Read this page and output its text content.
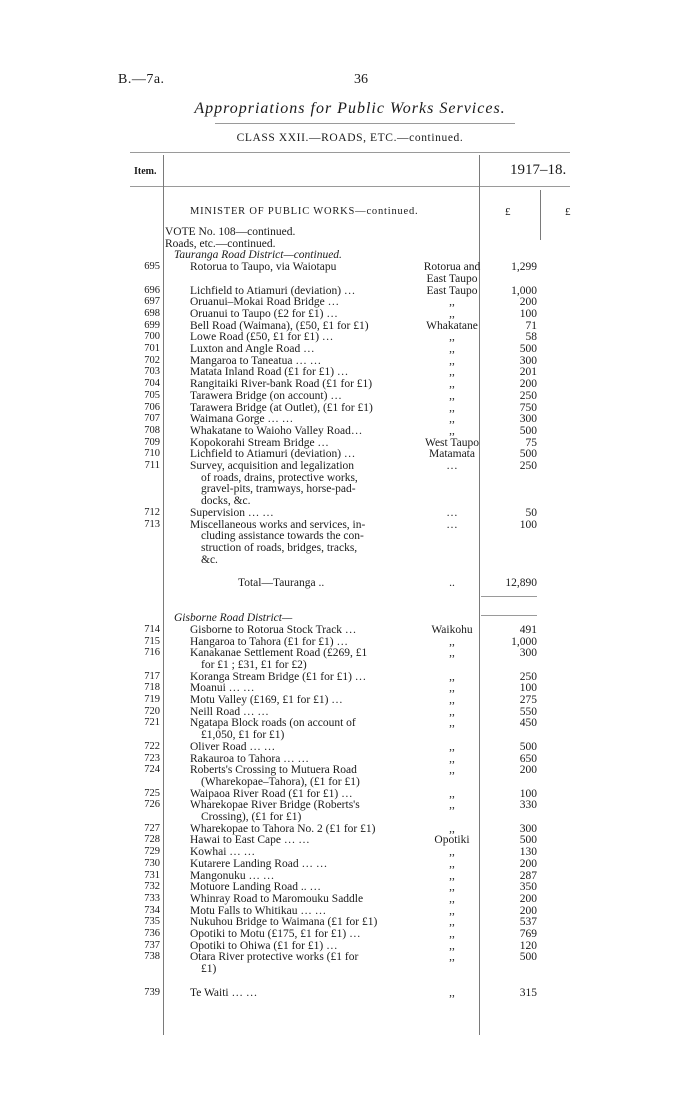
B.—7a.	36
Appropriations for Public Works Services.
CLASS XXII.—ROADS, ETC.—continued.
Item.	1917–18.
MINISTER OF PUBLIC WORKS—continued.	£	£
VOTE No. 108—continued.
Roads, etc.—continued.
Tauranga Road District—continued.
695	Rotorua to Taupo, via Waiotapu	Rotorua and	1,299
East Taupo
696	Lichfield to Atiamuri (deviation) …	East Taupo	1,000
697	Oruanui–Mokai Road Bridge …	,,	200
698	Oruanui to Taupo (£2 for £1) …	,,	100
699	Bell Road (Waimana), (£50, £1 for £1)	Whakatane	71
700	Lowe Road (£50, £1 for £1) …	,,	58
701	Luxton and Angle Road …	,,	500
702	Mangaroa to Taneatua … …	,,	300
703	Matata Inland Road (£1 for £1) …	,,	201
704	Rangitaiki River-bank Road (£1 for £1)	,,	200
705	Tarawera Bridge (on account) …	,,	250
706	Tarawera Bridge (at Outlet), (£1 for £1)	,,	750
707	Waimana Gorge … …	,,	300
708	Whakatane to Waioho Valley Road…	,,	500
709	Kopokorahi Stream Bridge …	West Taupo	75
710	Lichfield to Atiamuri (deviation) …	Matamata	500
711	Survey, acquisition and legalization	…	250
of roads, drains, protective works,
gravel-pits, tramways, horse-pad-
docks, &c.
712	Supervision … …	…	50
713	Miscellaneous works and services, in-	…	100
cluding assistance towards the con-
struction of roads, bridges, tracks,
&c.
Total—Tauranga ..	..	12,890
Gisborne Road District—
714	Gisborne to Rotorua Stock Track …	Waikohu	491
715	Hangaroa to Tahora (£1 for £1) …	,,	1,000
716	Kanakanae Settlement Road (£269, £1	,,	300
for £1 ; £31, £1 for £2)
717	Koranga Stream Bridge (£1 for £1) …	,,	250
718	Moanui … …	,,	100
719	Motu Valley (£169, £1 for £1) …	,,	275
720	Neill Road … …	,,	550
721	Ngatapa Block roads (on account of	,,	450
£1,050, £1 for £1)
722	Oliver Road … …	,,	500
723	Rakauroa to Tahora … …	,,	650
724	Roberts's Crossing to Mutuera Road	,,	200
(Wharekopae–Tahora), (£1 for £1)
725	Waipaoa River Road (£1 for £1) …	,,	100
726	Wharekopae River Bridge (Roberts's	,,	330
Crossing), (£1 for £1)
727	Wharekopae to Tahora No. 2 (£1 for £1)	,,	300
728	Hawai to East Cape … …	Opotiki	500
729	Kowhai … …	,,	130
730	Kutarere Landing Road … …	,,	200
731	Mangonuku … …	,,	287
732	Motuore Landing Road .. …	,,	350
733	Whinray Road to Maromouku Saddle	,,	200
734	Motu Falls to Whitikau … …	,,	200
735	Nukuhou Bridge to Waimana (£1 for £1)	,,	537
736	Opotiki to Motu (£175, £1 for £1) …	,,	769
737	Opotiki to Ohiwa (£1 for £1) …	,,	120
738	Otara River protective works (£1 for	,,	500
£1)
739	Te Waiti … …	,,	315
